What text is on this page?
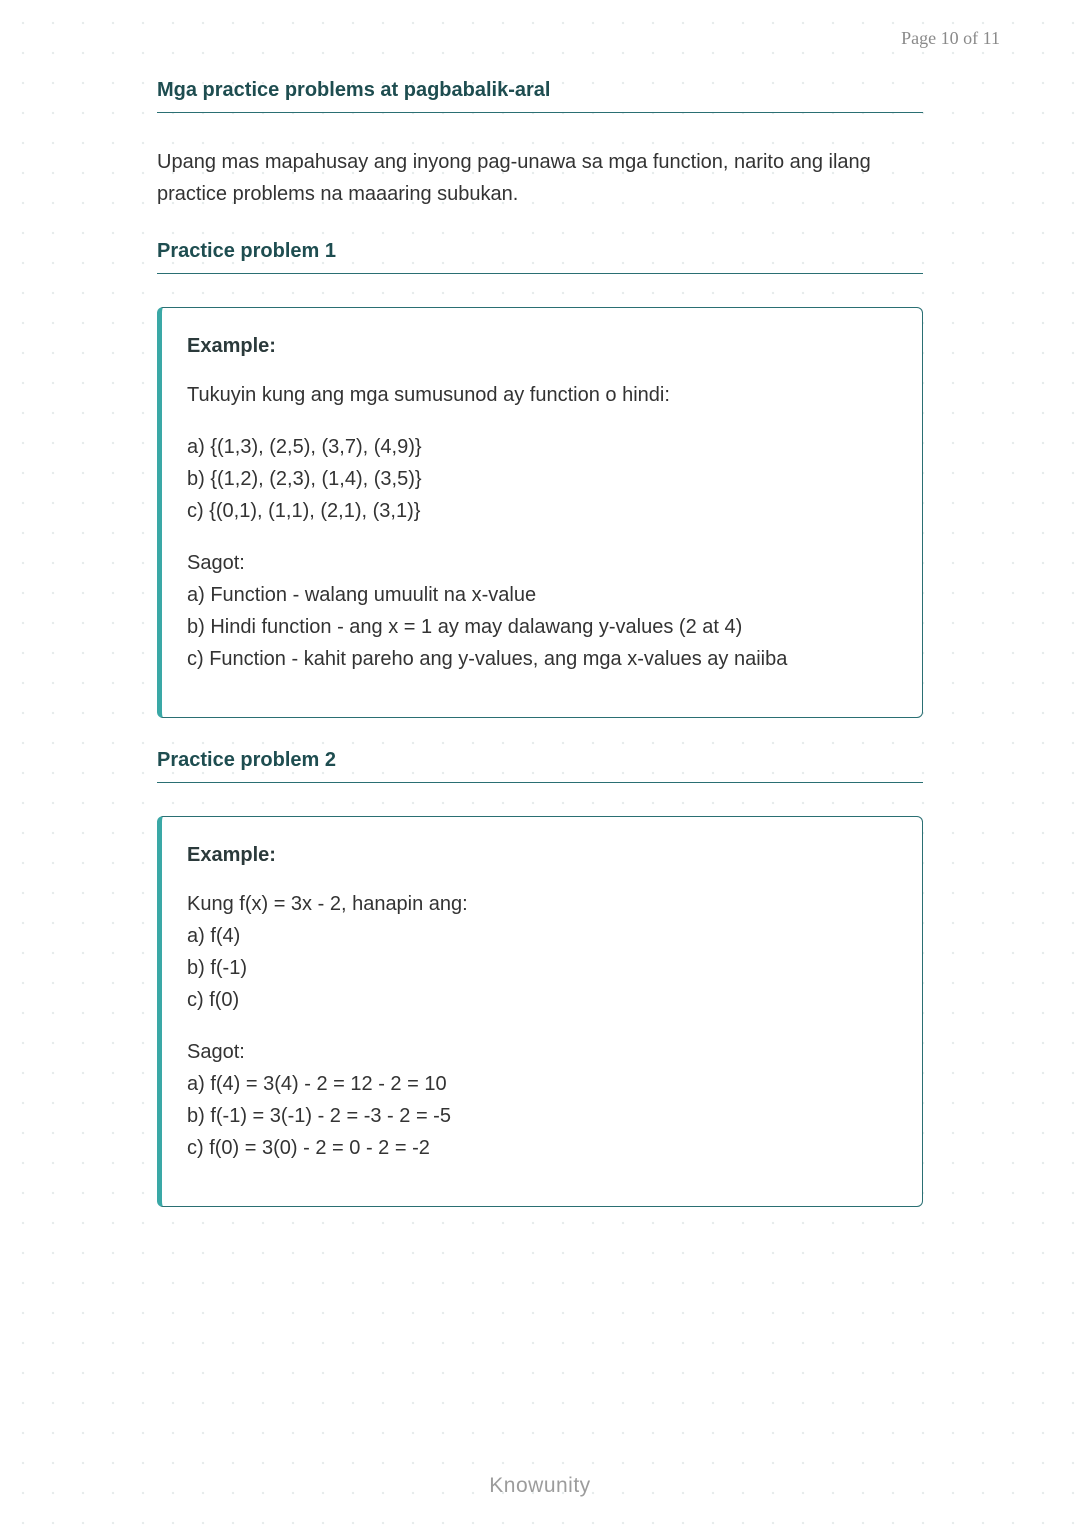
Page 10 of 11
Mga practice problems at pagbabalik-aral
Upang mas mapahusay ang inyong pag-unawa sa mga function, narito ang ilang
practice problems na maaaring subukan.
Practice problem 1
Example:
Tukuyin kung ang mga sumusunod ay function o hindi:
a) {(1,3), (2,5), (3,7), (4,9)}
b) {(1,2), (2,3), (1,4), (3,5)}
c) {(0,1), (1,1), (2,1), (3,1)}
Sagot:
a) Function - walang umuulit na x-value
b) Hindi function - ang x = 1 ay may dalawang y-values (2 at 4)
c) Function - kahit pareho ang y-values, ang mga x-values ay naiiba
Practice problem 2
Example:
Kung f(x) = 3x - 2, hanapin ang:
a) f(4)
b) f(-1)
c) f(0)
Sagot:
a) f(4) = 3(4) - 2 = 12 - 2 = 10
b) f(-1) = 3(-1) - 2 = -3 - 2 = -5
c) f(0) = 3(0) - 2 = 0 - 2 = -2
Knowunity
